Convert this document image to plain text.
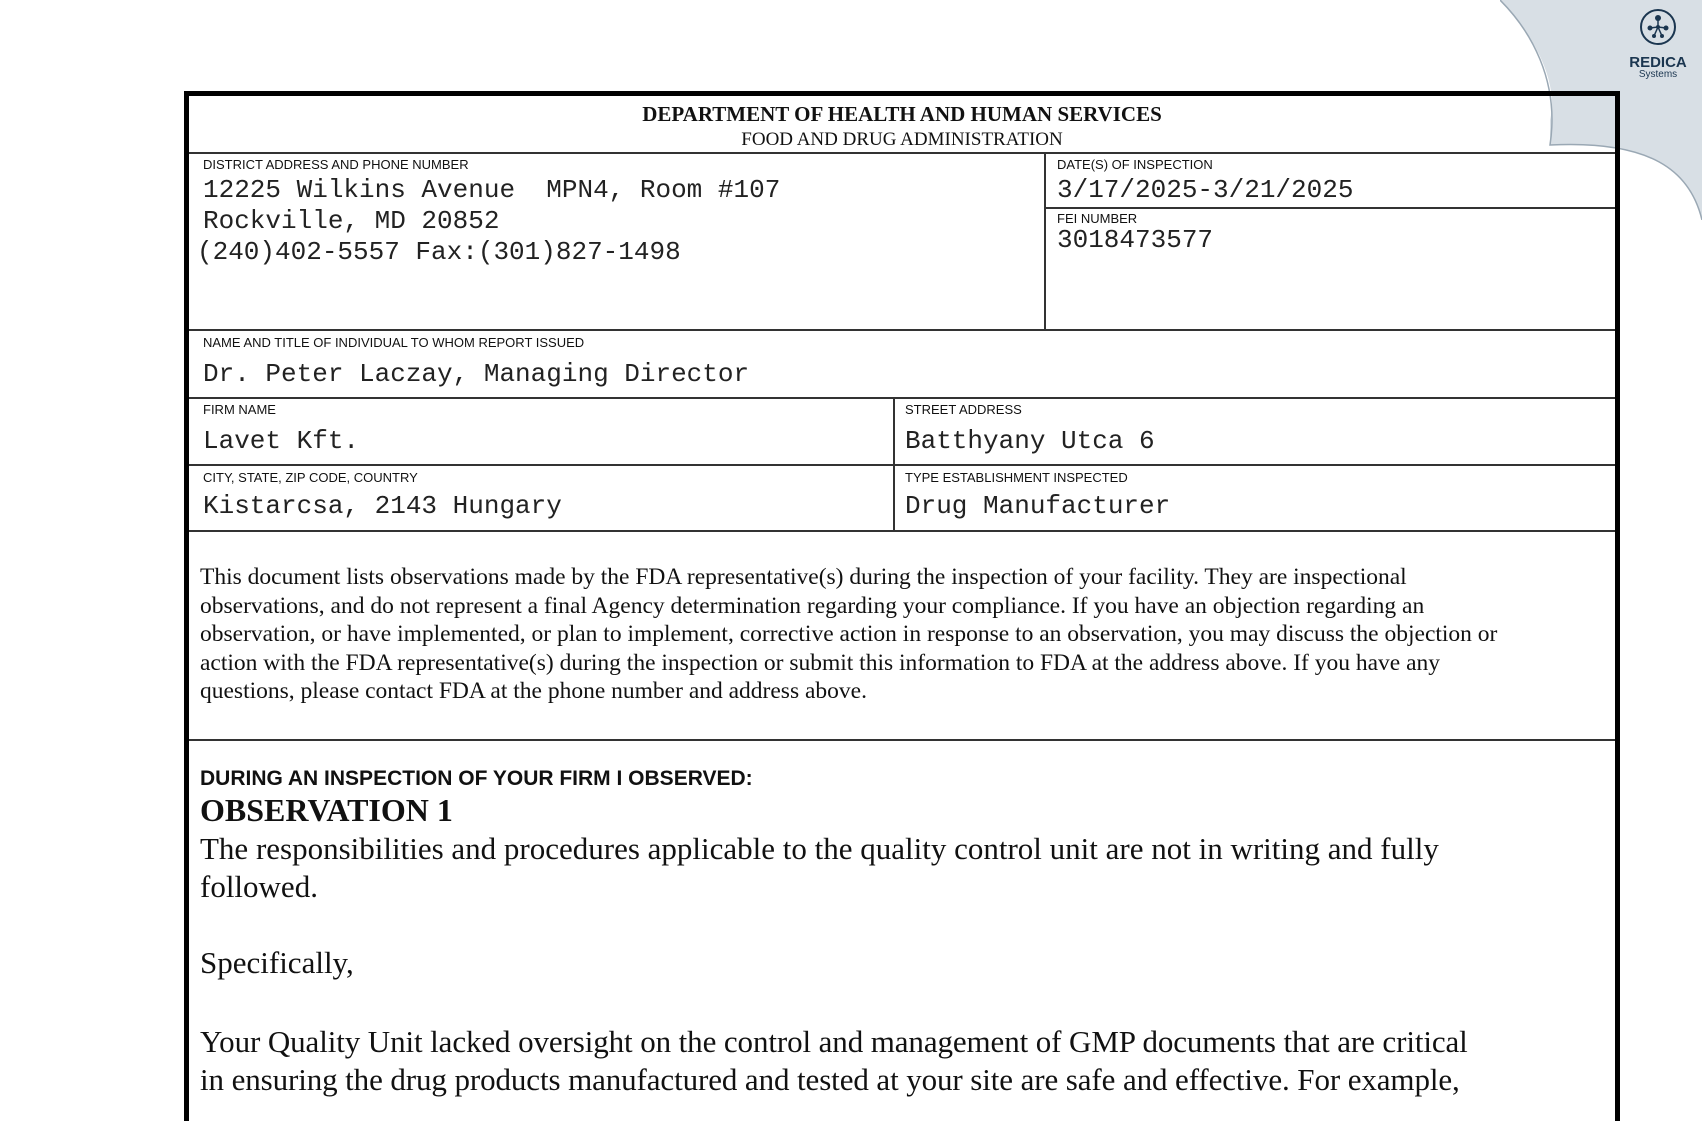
REDICA
Systems
DEPARTMENT OF HEALTH AND HUMAN SERVICES
FOOD AND DRUG ADMINISTRATION
DISTRICT ADDRESS AND PHONE NUMBER
12225 Wilkins Avenue  MPN4, Room #107
Rockville, MD 20852
(240)402-5557 Fax:(301)827-1498
DATE(S) OF INSPECTION
3/17/2025-3/21/2025
FEI NUMBER
3018473577
NAME AND TITLE OF INDIVIDUAL TO WHOM REPORT ISSUED
Dr. Peter Laczay, Managing Director
FIRM NAME
Lavet Kft.
STREET ADDRESS
Batthyany Utca 6
CITY, STATE, ZIP CODE, COUNTRY
Kistarcsa, 2143 Hungary
TYPE ESTABLISHMENT INSPECTED
Drug Manufacturer
This document lists observations made by the FDA representative(s) during the inspection of your facility. They are inspectional
observations, and do not represent a final Agency determination regarding your compliance. If you have an objection regarding an
observation, or have implemented, or plan to implement, corrective action in response to an observation, you may discuss the objection or
action with the FDA representative(s) during the inspection or submit this information to FDA at the address above. If you have any
questions, please contact FDA at the phone number and address above.
DURING AN INSPECTION OF YOUR FIRM I OBSERVED:
OBSERVATION 1
The responsibilities and procedures applicable to the quality control unit are not in writing and fully
followed.
Specifically,
Your Quality Unit lacked oversight on the control and management of GMP documents that are critical
in ensuring the drug products manufactured and tested at your site are safe and effective. For example,
